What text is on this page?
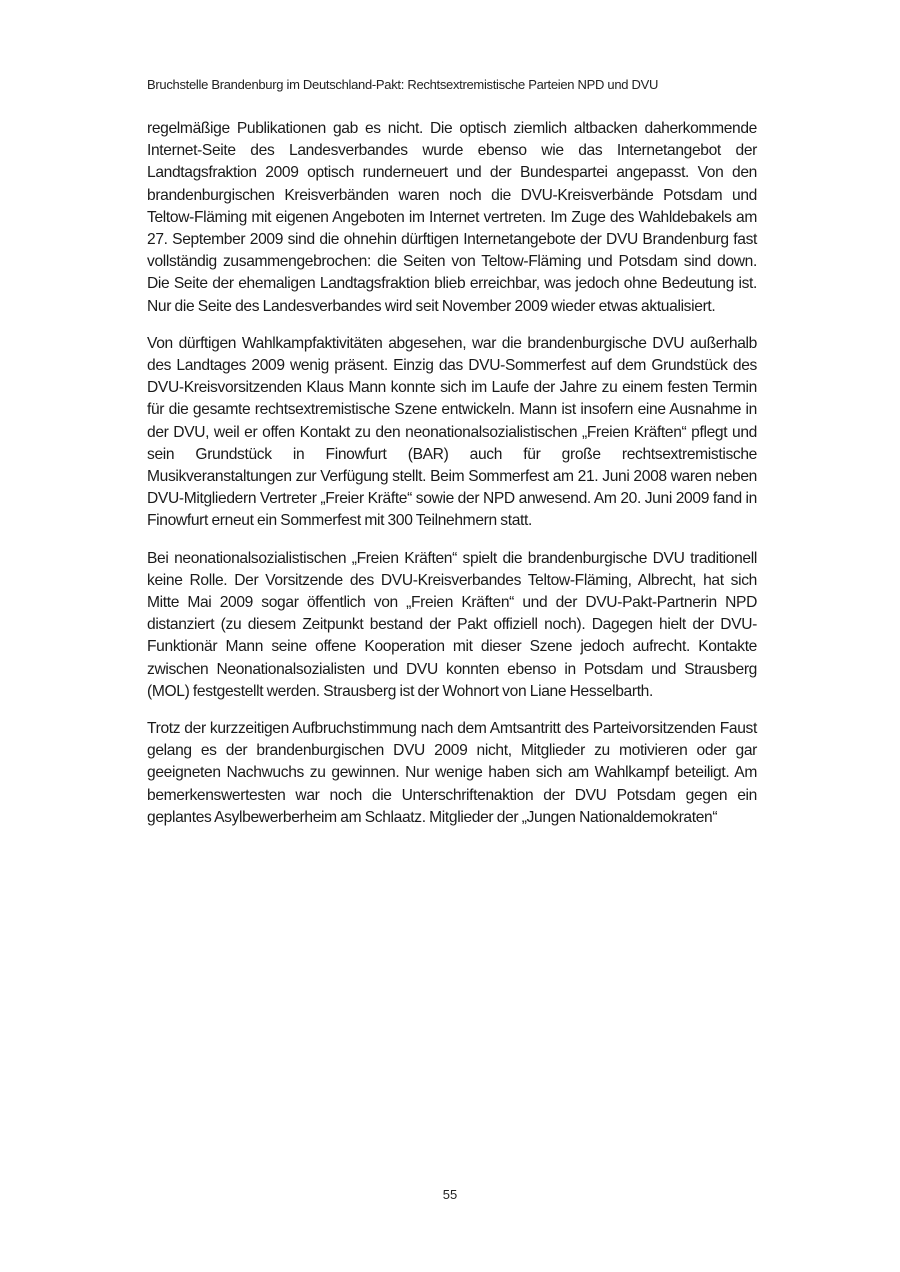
Bruchstelle Brandenburg im Deutschland-Pakt: Rechtsextremistische Parteien NPD und DVU

regelmäßige Publikationen gab es nicht. Die optisch ziemlich altbacken daherkommende Internet-Seite des Landesverbandes wurde ebenso wie das Internetangebot der Landtagsfraktion 2009 optisch runderneuert und der Bundespartei angepasst. Von den brandenburgischen Kreisverbänden waren noch die DVU-Kreisverbände Potsdam und Teltow-Fläming mit eigenen Angeboten im Internet vertreten. Im Zuge des Wahldebakels am 27. September 2009 sind die ohnehin dürftigen Internetangebote der DVU Brandenburg fast vollständig zusammengebrochen: die Seiten von Teltow-Fläming und Potsdam sind down. Die Seite der ehemaligen Landtagsfraktion blieb erreichbar, was jedoch ohne Bedeutung ist. Nur die Seite des Landesverbandes wird seit November 2009 wieder etwas aktualisiert.

Von dürftigen Wahlkampfaktivitäten abgesehen, war die brandenburgische DVU außerhalb des Landtages 2009 wenig präsent. Einzig das DVU-Sommerfest auf dem Grundstück des DVU-Kreisvorsitzenden Klaus Mann konnte sich im Laufe der Jahre zu einem festen Termin für die gesamte rechtsextremistische Szene entwickeln. Mann ist insofern eine Ausnahme in der DVU, weil er offen Kontakt zu den neonationalsozialistischen „Freien Kräften“ pflegt und sein Grundstück in Finowfurt (BAR) auch für große rechtsextremistische Musikveranstaltungen zur Verfügung stellt. Beim Sommerfest am 21. Juni 2008 waren neben DVU-Mitgliedern Vertreter „Freier Kräfte“ sowie der NPD anwesend. Am 20. Juni 2009 fand in Finowfurt erneut ein Sommerfest mit 300 Teilnehmern statt.

Bei neonationalsozialistischen „Freien Kräften“ spielt die brandenburgische DVU traditionell keine Rolle. Der Vorsitzende des DVU-Kreisverbandes Teltow-Fläming, Albrecht, hat sich Mitte Mai 2009 sogar öffentlich von „Freien Kräften“ und der DVU-Pakt-Partnerin NPD distanziert (zu diesem Zeitpunkt bestand der Pakt offiziell noch). Dagegen hielt der DVU-Funktionär Mann seine offene Kooperation mit dieser Szene jedoch aufrecht. Kontakte zwischen Neonationalsozialisten und DVU konnten ebenso in Potsdam und Strausberg (MOL) festgestellt werden. Strausberg ist der Wohnort von Liane Hesselbarth.

Trotz der kurzzeitigen Aufbruchstimmung nach dem Amtsantritt des Parteivorsitzenden Faust gelang es der brandenburgischen DVU 2009 nicht, Mitglieder zu motivieren oder gar geeigneten Nachwuchs zu gewinnen. Nur wenige haben sich am Wahlkampf beteiligt. Am bemerkenswertesten war noch die Unterschriftenaktion der DVU Potsdam gegen ein geplantes Asylbewerberheim am Schlaatz. Mitglieder der „Jungen Nationaldemokraten“

55
